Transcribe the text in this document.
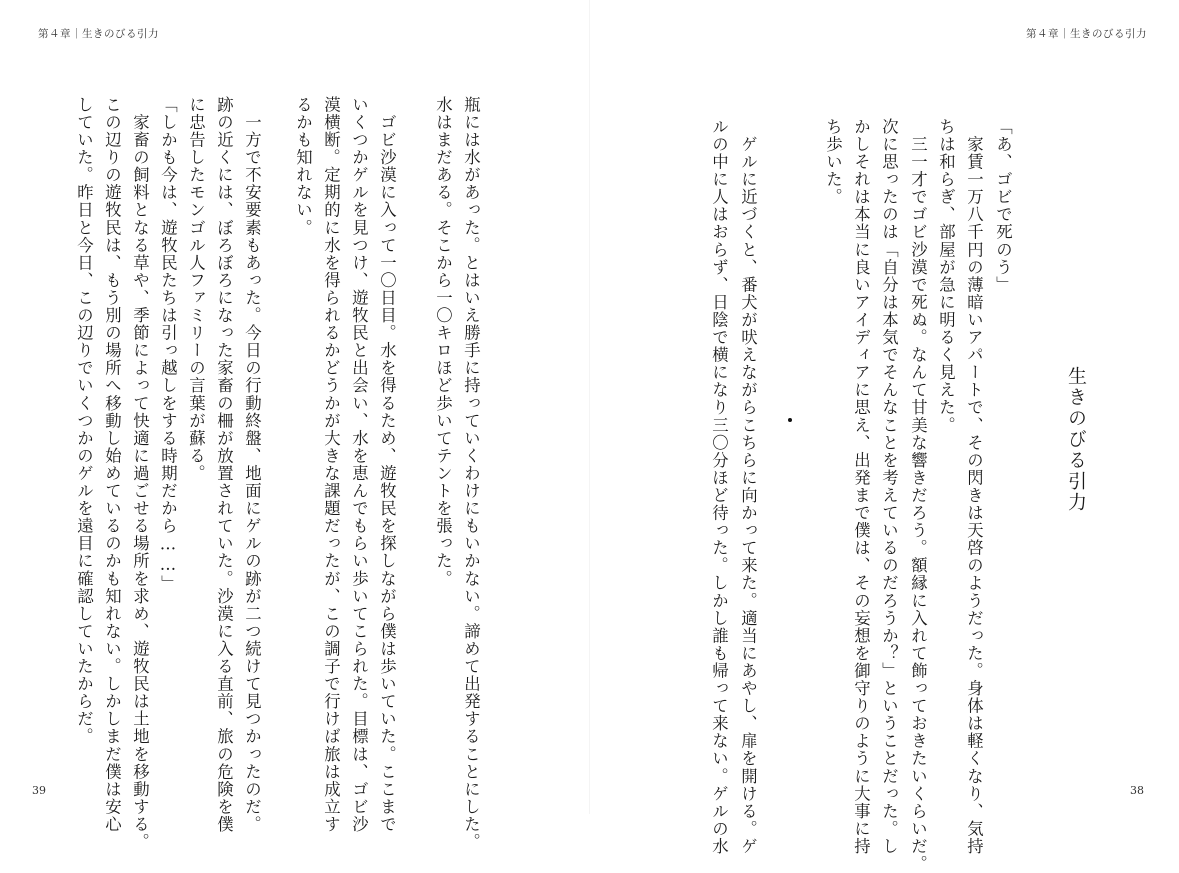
第４章｜生きのびる引力	第４章｜生きのびる引力
生きのびる引力
「あ、ゴビで死のう」
　家賃一万八千円の薄暗いアパートで、その閃きは天啓のようだった。身体は軽くなり、気持
ちは和らぎ、部屋が急に明るく見えた。
　三一才でゴビ沙漠で死ぬ。なんて甘美な響きだろう。額縁に入れて飾っておきたいくらいだ。
次に思ったのは「自分は本気でそんなことを考えているのだろうか？」ということだった。し
かしそれは本当に良いアイディアに思え、出発まで僕は、その妄想を御守りのように大事に持
ち歩いた。
　ゲルに近づくと、番犬が吠えながらこちらに向かって来た。適当にあやし、扉を開ける。ゲ
ルの中に人はおらず、日陰で横になり三〇分ほど待った。しかし誰も帰って来ない。ゲルの水
瓶には水があった。とはいえ勝手に持っていくわけにもいかない。諦めて出発することにした。
水はまだある。そこから一〇キロほど歩いてテントを張った。
　ゴビ沙漠に入って一〇日目。水を得るため、遊牧民を探しながら僕は歩いていた。ここまで
いくつかゲルを見つけ、遊牧民と出会い、水を恵んでもらい歩いてこられた。目標は、ゴビ沙
漠横断。定期的に水を得られるかどうかが大きな課題だったが、この調子で行けば旅は成立す
るかも知れない。
　一方で不安要素もあった。今日の行動終盤、地面にゲルの跡が二つ続けて見つかったのだ。
跡の近くには、ぼろぼろになった家畜の柵が放置されていた。沙漠に入る直前、旅の危険を僕
に忠告したモンゴル人ファミリーの言葉が蘇る。
「しかも今は、遊牧民たちは引っ越しをする時期だから……」
　家畜の飼料となる草や、季節によって快適に過ごせる場所を求め、遊牧民は土地を移動する。
この辺りの遊牧民は、もう別の場所へ移動し始めているのかも知れない。しかしまだ僕は安心
していた。昨日と今日、この辺りでいくつかのゲルを遠目に確認していたからだ。
39	38
